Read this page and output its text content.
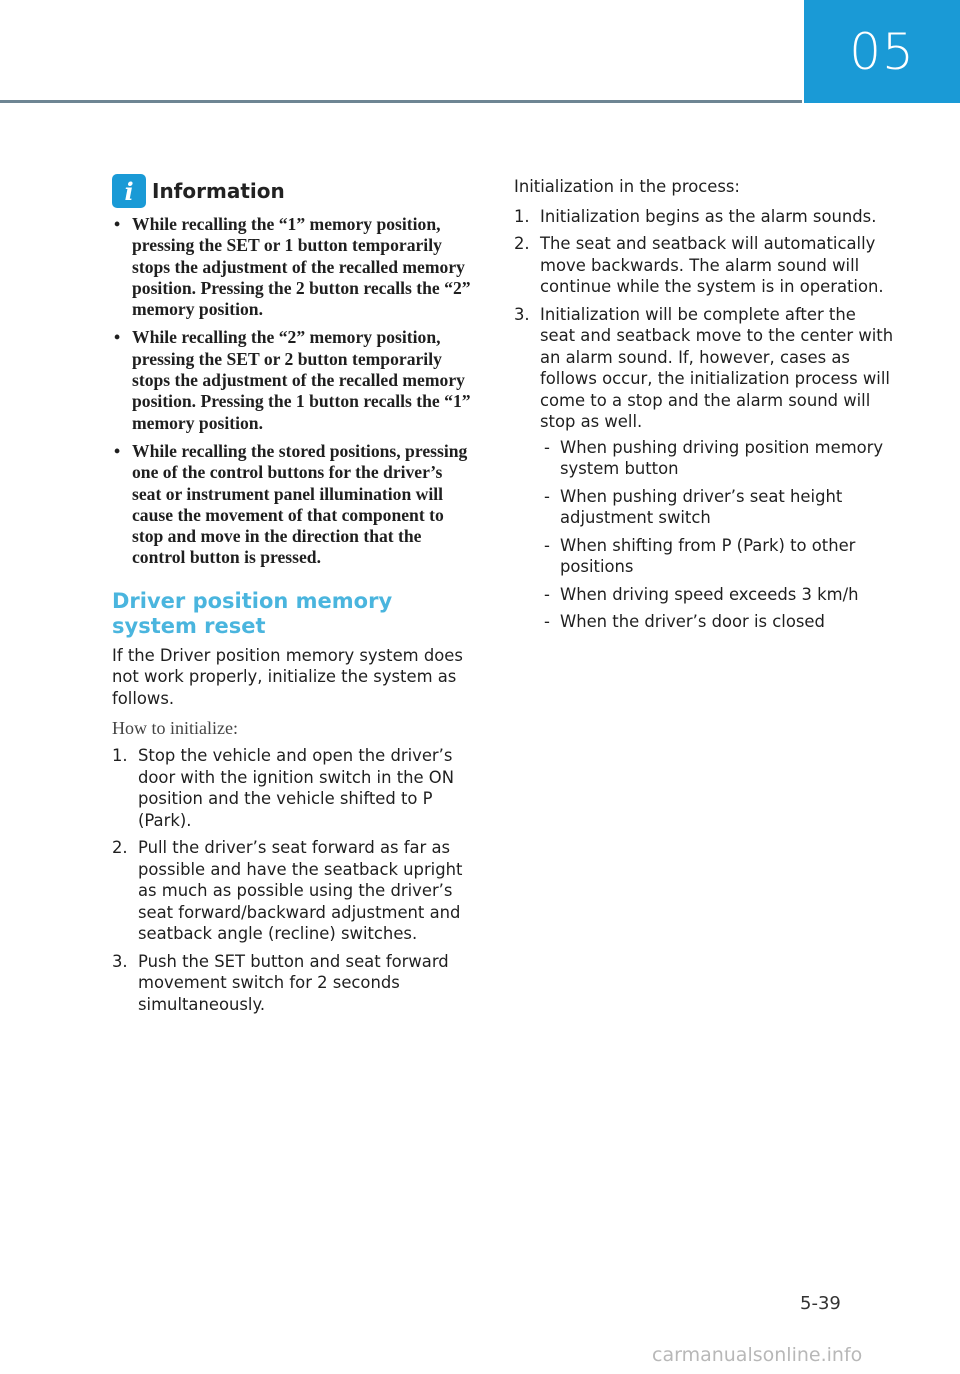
05
i Information
• While recalling the “1” memory position, pressing the SET or 1 button temporarily stops the adjustment of the recalled memory position. Pressing the 2 button recalls the “2” memory position.
• While recalling the “2” memory position, pressing the SET or 2 button temporarily stops the adjustment of the recalled memory position. Pressing the 1 button recalls the “1” memory position.
• While recalling the stored positions, pressing one of the control buttons for the driver’s seat or instrument panel illumination will cause the movement of that component to stop and move in the direction that the control button is pressed.
Driver position memory system reset

If the Driver position memory system does not work properly, initialize the system as follows.

How to initialize:
1. Stop the vehicle and open the driver’s door with the ignition switch in the ON position and the vehicle shifted to P (Park).
2. Pull the driver’s seat forward as far as possible and have the seatback upright as much as possible using the driver’s seat forward/backward adjustment and seatback angle (recline) switches.
3. Push the SET button and seat forward movement switch for 2 seconds simultaneously.

Initialization in the process:

1. Initialization begins as the alarm sounds.
2. The seat and seatback will automatically move backwards. The alarm sound will continue while the system is in operation.
3. Initialization will be complete after the seat and seatback move to the center with an alarm sound. If, however, cases as follows occur, the initialization process will come to a stop and the alarm sound will stop as well.
- When pushing driving position memory system button
- When pushing driver’s seat height adjustment switch
- When shifting from P (Park) to other positions
- When driving speed exceeds 3 km/h
- When the driver’s door is closed
5-39
carmanualsonline.info
